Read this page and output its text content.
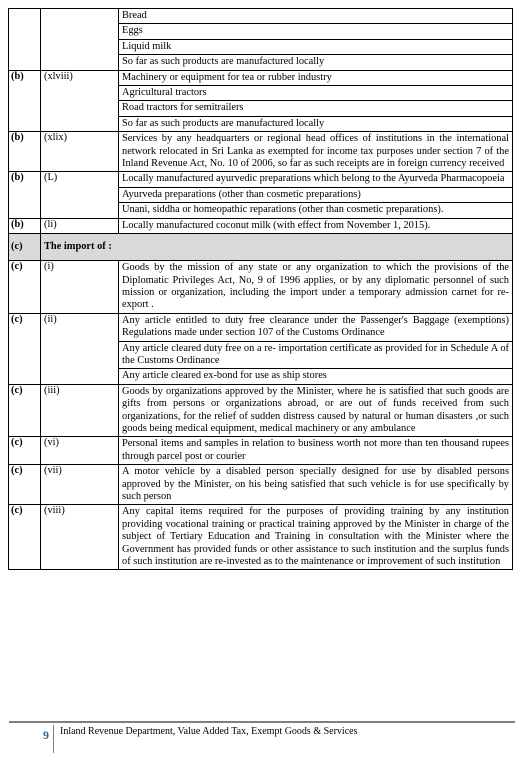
		Bread
		Eggs
		Liquid milk
		So far as such products are manufactured locally
(b)	(xlviii)	Machinery or equipment for tea or rubber industry
		Agricultural tractors
		Road tractors for semitrailers
		So far as such products are manufactured locally
(b)	(xlix)	Services by any headquarters or regional head offices of institutions in the international network relocated in Sri Lanka as exempted for income tax purposes under section 7 of the Inland Revenue Act, No. 10 of 2006, so far as such receipts are in foreign currency received
(b)	(L)	Locally manufactured ayurvedic preparations which belong to the Ayurveda Pharmacopoeia
		Ayurveda preparations (other than cosmetic preparations)
		Unani, siddha or homeopathic reparations (other than cosmetic preparations).
(b)	(li)	Locally manufactured coconut milk (with effect from November 1, 2015).
(c)	The import of :	
(c)	(i)	Goods by the mission of any state or any organization to which the provisions of the Diplomatic Privileges Act, No, 9 of 1996 applies, or by any diplomatic personnel of such mission or organization, including the import under a temporary admission carnet for re- export .
(c)	(ii)	Any article entitled to duty free clearance under the Passenger's Baggage (exemptions) Regulations made under section 107 of the Customs Ordinance
		Any article cleared duty free on a re- importation certificate as provided for in Schedule A of the Customs Ordinance
		Any article cleared ex-bond for use as ship stores
(c)	(iii)	Goods by organizations approved by the Minister, where he is satisfied that such goods are gifts from persons or organizations abroad, or are out of funds received from such organizations, for the relief of sudden distress caused by natural or human disasters ,or such goods being medical equipment, medical machinery or any ambulance
(c)	(vi)	Personal items and samples in relation to business worth not more than ten thousand rupees through parcel post or courier
(c)	(vii)	A motor vehicle by a disabled person specially designed for use by disabled persons approved by the Minister, on his being satisfied that such vehicle is for use specifically by such person
(c)	(viii)	Any capital items required for the purposes of providing training by any institution providing vocational training or practical training approved by the Minister in charge of the subject of Tertiary Education and Training in consultation with the Minister where the Government has provided funds or other assistance to such institution and the surplus funds of such institution are re-invested as to the maintenance or improvement of such institution
9	Inland Revenue Department, Value Added Tax, Exempt Goods & Services
